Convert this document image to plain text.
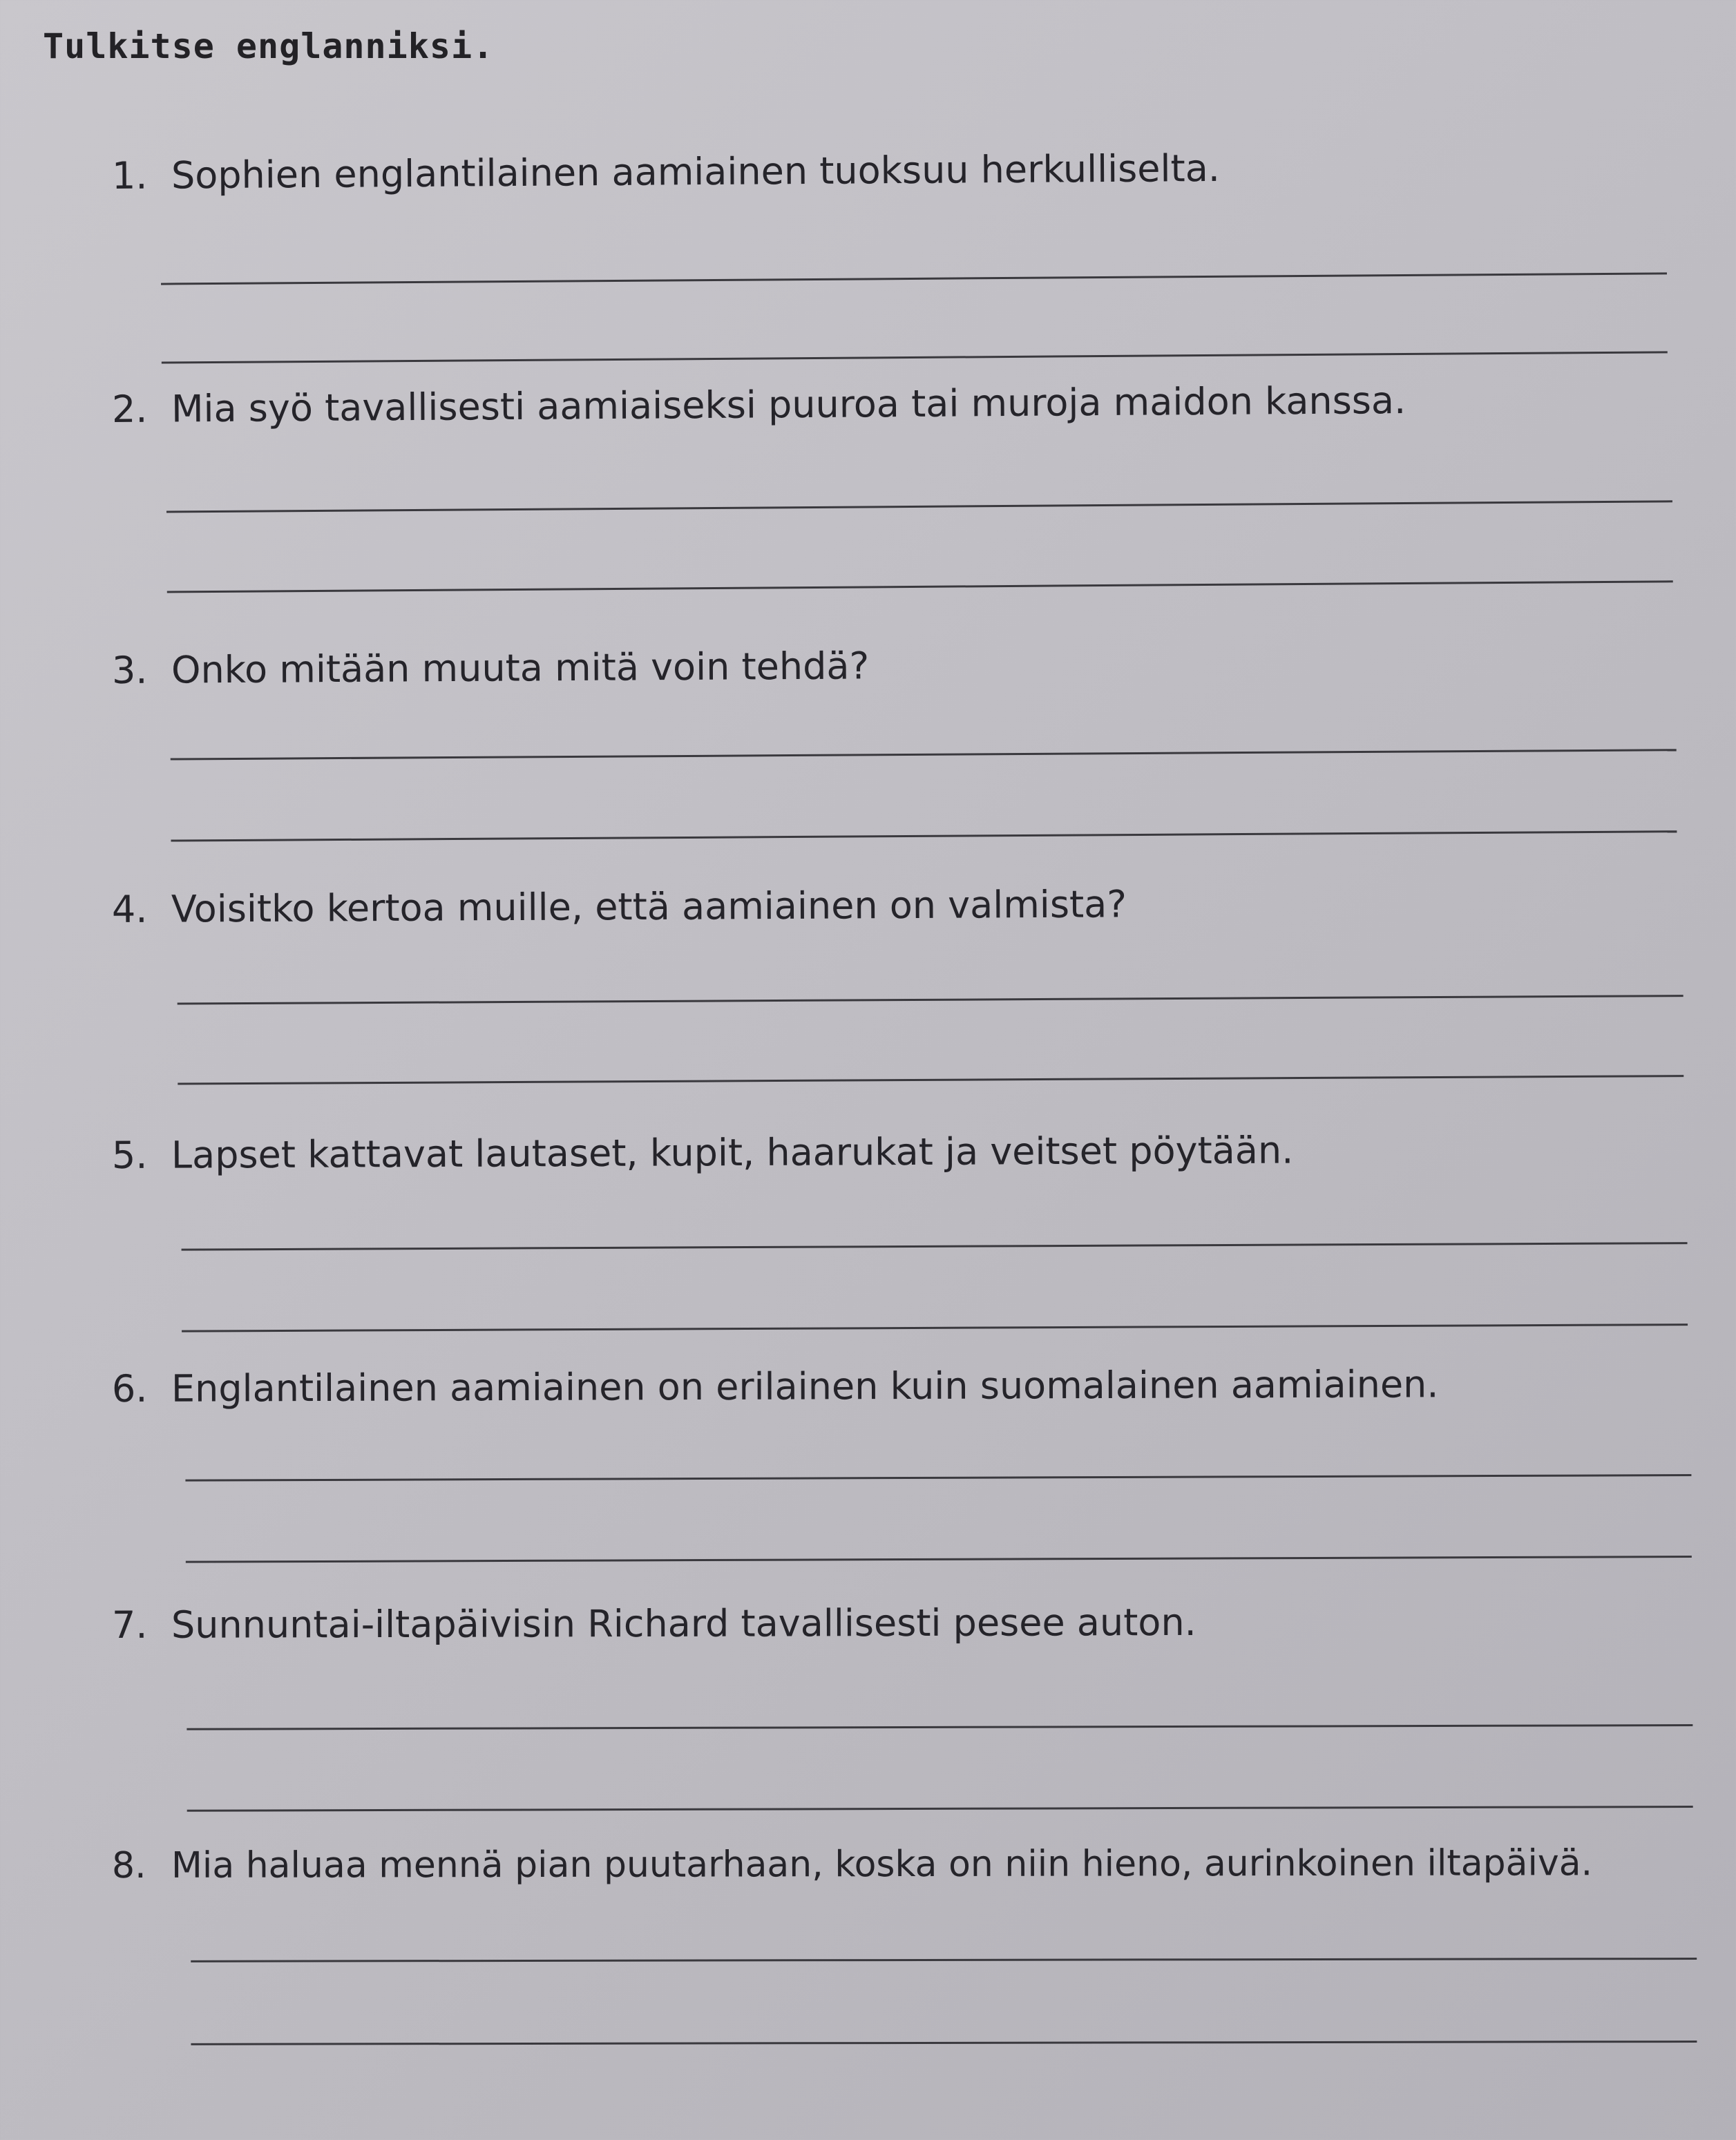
Tulkitse englanniksi.

1. Sophien englantilainen aamiainen tuoksuu herkulliselta.

2. Mia syö tavallisesti aamiaiseksi puuroa tai muroja maidon kanssa.

3. Onko mitään muuta mitä voin tehdä?

4. Voisitko kertoa muille, että aamiainen on valmista?

5. Lapset kattavat lautaset, kupit, haarukat ja veitset pöytään.

6. Englantilainen aamiainen on erilainen kuin suomalainen aamiainen.

7. Sunnuntai-iltapäivisin Richard tavallisesti pesee auton.

8. Mia haluaa mennä pian puutarhaan, koska on niin hieno, aurinkoinen iltapäivä.
